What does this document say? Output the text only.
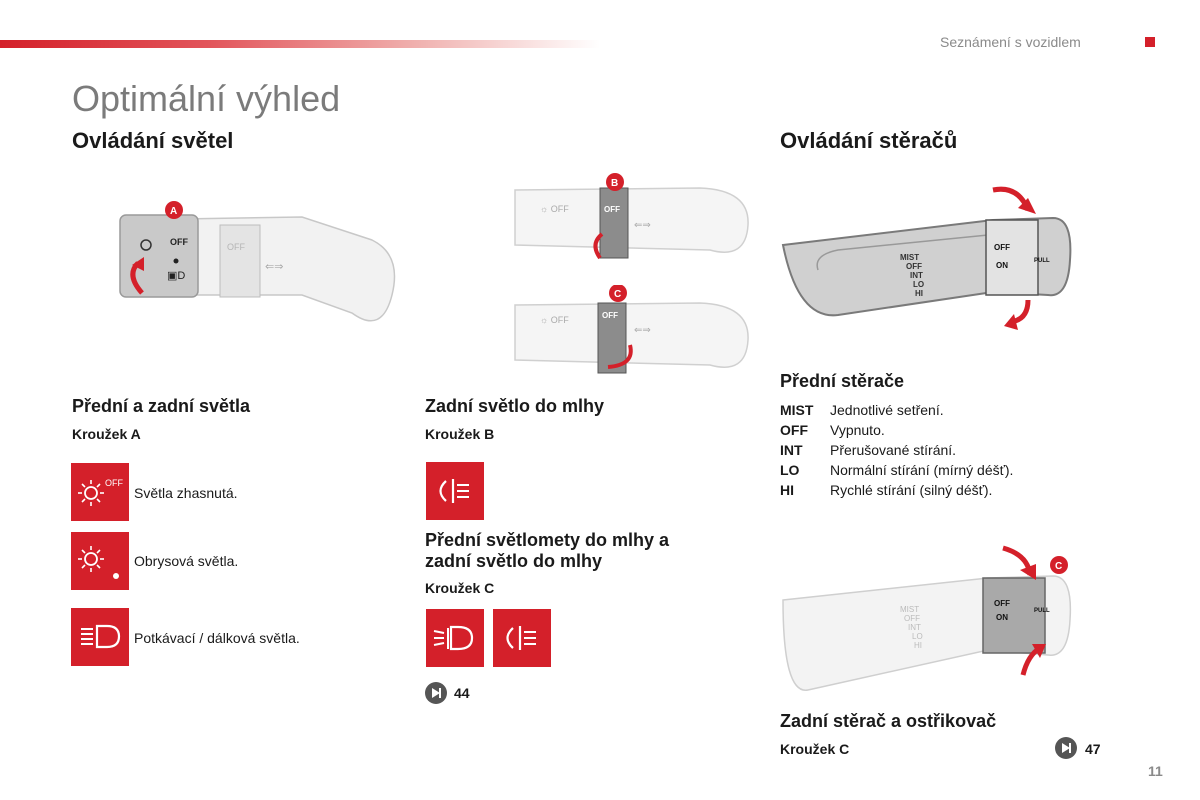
Seznámení s vozidlem
Optimální výhled
Ovládání světel
OFF
▣D
OFF
⇐⇒
A	☼ OFF	OFF
⇐⇒
B
☼ OFF	OFF
⇐⇒
C
Přední a zadní světla
Kroužek A
OFF
Světla zhasnutá.
Obrysová světla.
Potkávací / dálková světla.
Zadní světlo do mlhy
Kroužek B
Přední světlomety do mlhy a
zadní světlo do mlhy
Kroužek C
44
Ovládání stěračů
MIST
OFF
INT
LO
HI
OFF
ON	PULL
Přední stěrače
MIST	Jednotlivé setření.
OFF	Vypnuto.
INT	Přerušované stírání.
LO	Normální stírání (mírný déšť).
HI	Rychlé stírání (silný déšť).
MIST
OFF
INT
LO
HI
OFF
ON
PULL
C
Zadní stěrač a ostřikovač
Kroužek C	47
11
